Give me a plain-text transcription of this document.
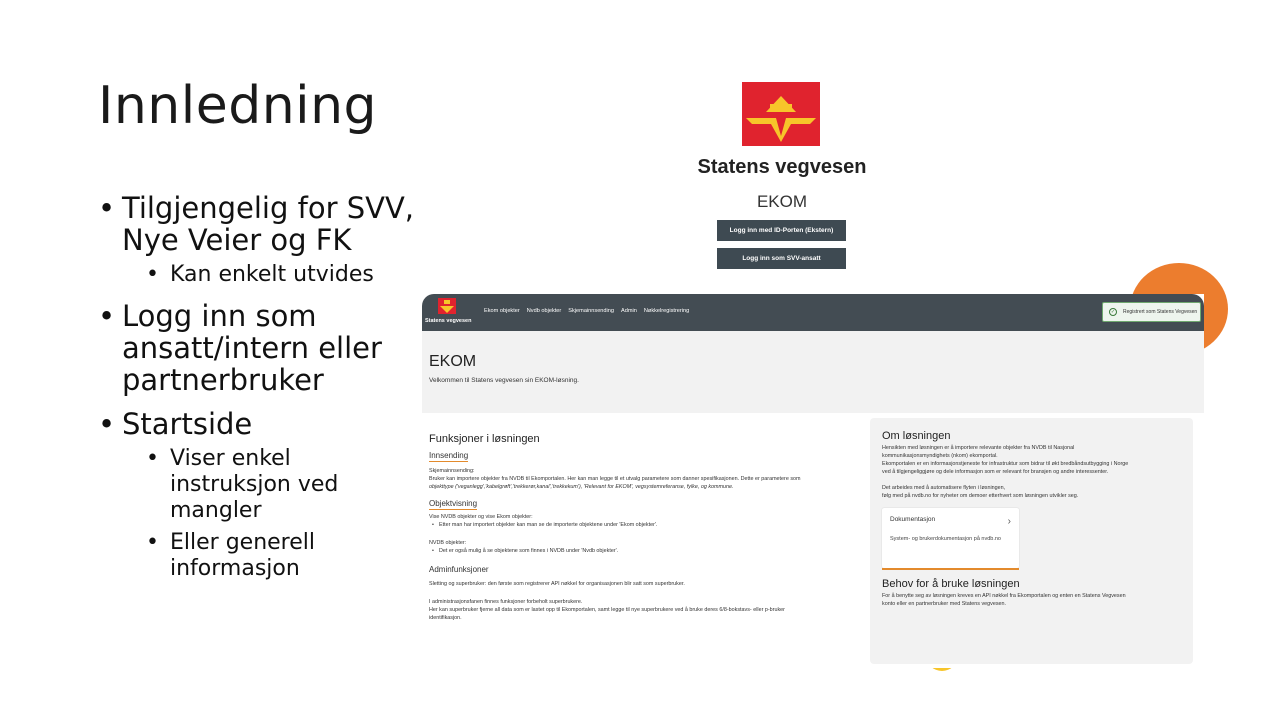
Innledning
• Tilgjengelig for SVV, Nye Veier og FK
• Kan enkelt utvides
• Logg inn som ansatt/intern eller partnerbruker
• Startside
• Viser enkel instruksjon ved mangler
• Eller generell informasjon
Statens vegvesen
EKOM
Logg inn med ID-Porten (Ekstern)
Logg inn som SVV-ansatt
Statens vegvesen
Ekom objekter Nvdb objekter Skjemainnsending Admin Nøkkelregistrering	✓	Registrert som Statens Vegvesen
EKOM
Velkommen til Statens vegvesen sin EKOM-løsning.
Funksjoner i løsningen
Innsending
Skjemainnsending:
Bruker kan importere objekter fra NVDB til Ekomportalen. Her kan man legge til et utvalg parametere som danner spesifikasjonen. Dette er parametere som
objekttype ('veganlegg','kabelgrøft','trekkerør,kanal','trekkekum'), 'Relevant for EKOM', vegsystemreferanse, fylke, og kommune.
Objektvisning
Vise NVDB objekter og vise Ekom objekter:
• Etter man har importert objekter kan man se de importerte objektene under 'Ekom objekter'.
NVDB objekter:
• Det er også mulig å se objektene som finnes i NVDB under 'Nvdb objekter'.
Adminfunksjoner
Sletting og superbruker: den første som registrerer API nøkkel for organisasjonen blir satt som superbruker.
I administrasjonsfanen finnes funksjoner forbeholt superbrukere.
Her kan superbruker fjerne all data som er lastet opp til Ekomportalen, samt legge til nye superbrukere ved å bruke deres 6/8-bokstavs- eller p-bruker
identifikasjon.
Om løsningen
Hensikten med løsningen er å importere relevante objekter fra NVDB til Nasjonal
kommunikasjonsmyndighets (nkom) ekomportal.
Ekomportalen er en informasjonstjeneste for infrastruktur som bidrar til økt bredbåndsutbygging i Norge
ved å tilgjengeliggjøre og dele informasjon som er relevant for bransjen og andre interessenter.
Det arbeides med å automatisere flyten i løsningen,
følg med på nvdb.no for nyheter om demoer etterhvert som løsningen utvikler seg.
Dokumentasjon	›
System- og brukerdokumentasjon på nvdb.no
Behov for å bruke løsningen
For å benytte seg av løsningen kreves en API nøkkel fra Ekomportalen og enten en Statens Vegvesen
konto eller en partnerbruker med Statens vegvesen.
